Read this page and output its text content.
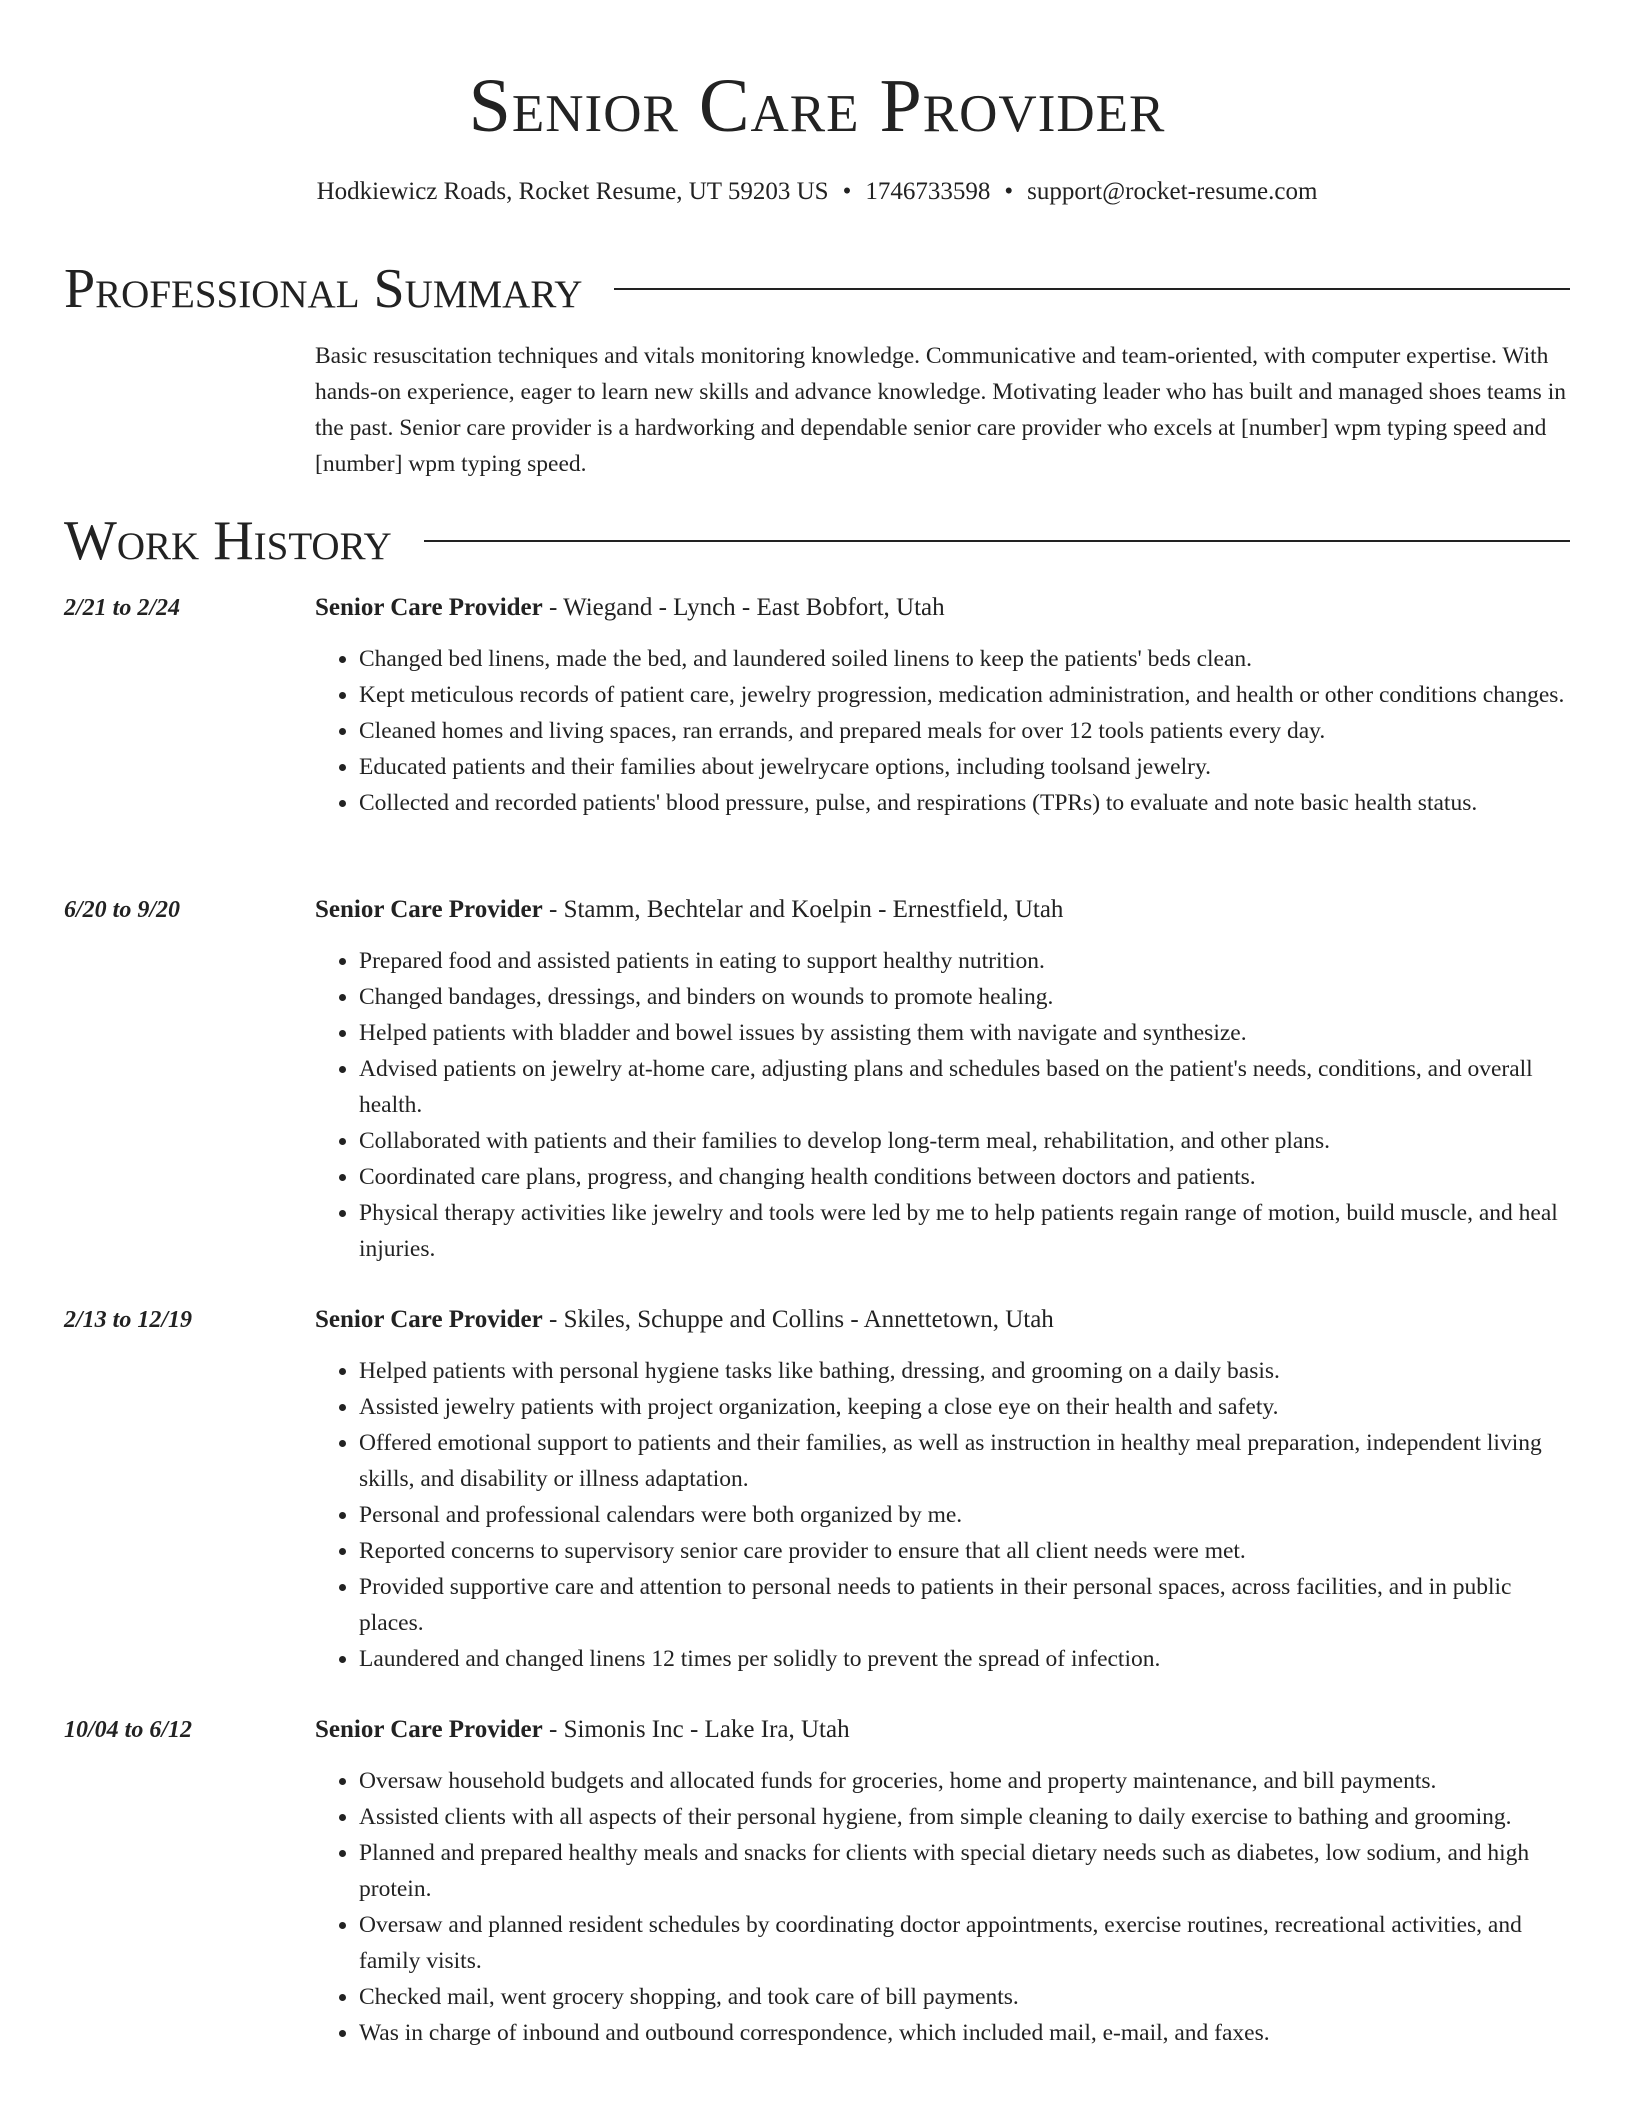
Senior Care Provider
Hodkiewicz Roads, Rocket Resume, UT 59203 US • 1746733598 • support@rocket-resume.com
Professional Summary

Basic resuscitation techniques and vitals monitoring knowledge. Communicative and team-oriented, with computer expertise. With hands-on experience, eager to learn new skills and advance knowledge. Motivating leader who has built and managed shoes teams in the past. Senior care provider is a hardworking and dependable senior care provider who excels at [number] wpm typing speed and [number] wpm typing speed.

Work History
2/21 to 2/24	Senior Care Provider - Wiegand - Lynch - East Bobfort, Utah
• Changed bed linens, made the bed, and laundered soiled linens to keep the patients' beds clean.
• Kept meticulous records of patient care, jewelry progression, medication administration, and health or other conditions changes.
• Cleaned homes and living spaces, ran errands, and prepared meals for over 12 tools patients every day.
• Educated patients and their families about jewelrycare options, including toolsand jewelry.
• Collected and recorded patients' blood pressure, pulse, and respirations (TPRs) to evaluate and note basic health status.
6/20 to 9/20	Senior Care Provider - Stamm, Bechtelar and Koelpin - Ernestfield, Utah
• Prepared food and assisted patients in eating to support healthy nutrition.
• Changed bandages, dressings, and binders on wounds to promote healing.
• Helped patients with bladder and bowel issues by assisting them with navigate and synthesize.
• Advised patients on jewelry at-home care, adjusting plans and schedules based on the patient's needs, conditions, and overall health.
• Collaborated with patients and their families to develop long-term meal, rehabilitation, and other plans.
• Coordinated care plans, progress, and changing health conditions between doctors and patients.
• Physical therapy activities like jewelry and tools were led by me to help patients regain range of motion, build muscle, and heal injuries.
2/13 to 12/19	Senior Care Provider - Skiles, Schuppe and Collins - Annettetown, Utah
• Helped patients with personal hygiene tasks like bathing, dressing, and grooming on a daily basis.
• Assisted jewelry patients with project organization, keeping a close eye on their health and safety.
• Offered emotional support to patients and their families, as well as instruction in healthy meal preparation, independent living skills, and disability or illness adaptation.
• Personal and professional calendars were both organized by me.
• Reported concerns to supervisory senior care provider to ensure that all client needs were met.
• Provided supportive care and attention to personal needs to patients in their personal spaces, across facilities, and in public places.
• Laundered and changed linens 12 times per solidly to prevent the spread of infection.
10/04 to 6/12	Senior Care Provider - Simonis Inc - Lake Ira, Utah
• Oversaw household budgets and allocated funds for groceries, home and property maintenance, and bill payments.
• Assisted clients with all aspects of their personal hygiene, from simple cleaning to daily exercise to bathing and grooming.
• Planned and prepared healthy meals and snacks for clients with special dietary needs such as diabetes, low sodium, and high protein.
• Oversaw and planned resident schedules by coordinating doctor appointments, exercise routines, recreational activities, and family visits.
• Checked mail, went grocery shopping, and took care of bill payments.
• Was in charge of inbound and outbound correspondence, which included mail, e-mail, and faxes.
